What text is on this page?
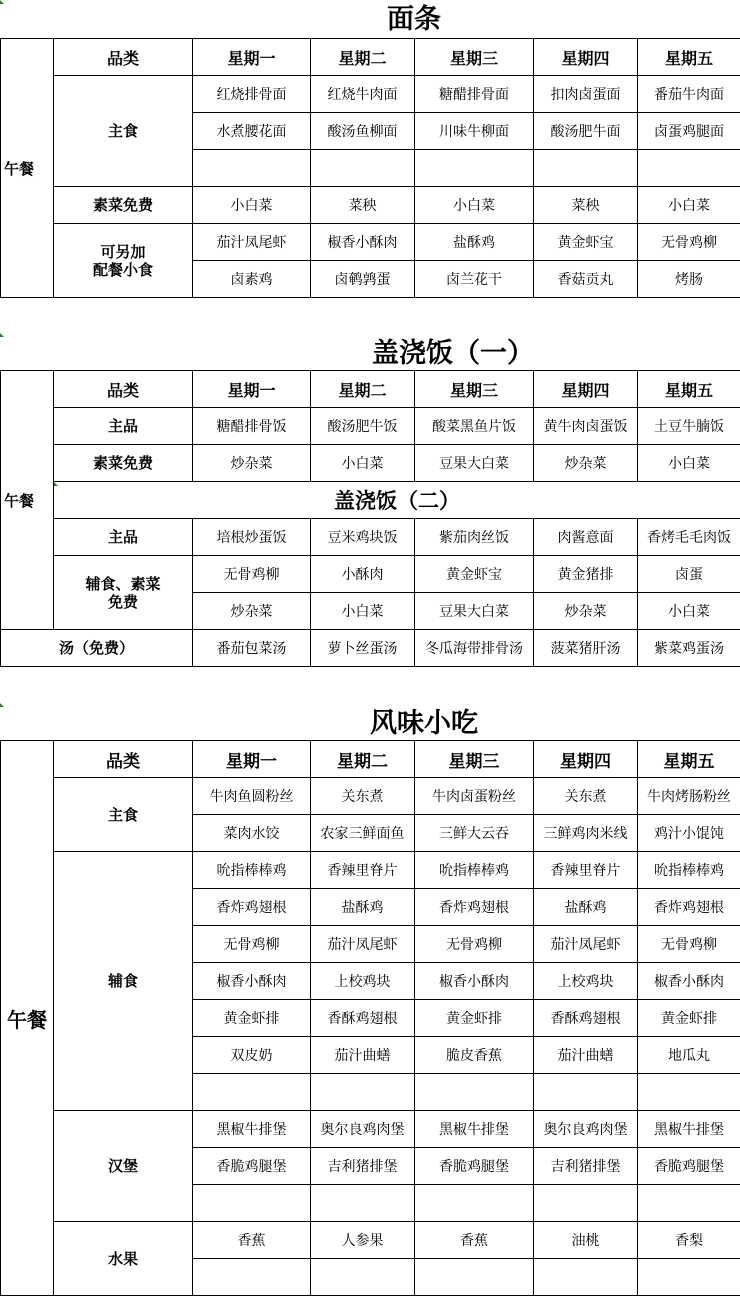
面条
午餐	品类	星期一	星期二	星期三	星期四	星期五
	主食	红烧排骨面	红烧牛肉面	糖醋排骨面	扣肉卤蛋面	番茄牛肉面
		水煮腰花面	酸汤鱼柳面	川味牛柳面	酸汤肥牛面	卤蛋鸡腿面

	素菜免费	小白菜	菜秧	小白菜	菜秧	小白菜

	可另加
配餐小食	茄汁凤尾虾	椒香小酥肉	盐酥鸡	黄金虾宝	无骨鸡柳
		卤素鸡	卤鹌鹑蛋	卤兰花干	香菇贡丸	烤肠
盖浇饭（一）
午餐	品类	星期一	星期二	星期三	星期四	星期五
	主品	糖醋排骨饭	酸汤肥牛饭	酸菜黑鱼片饭	黄牛肉卤蛋饭	土豆牛腩饭
	素菜免费	炒杂菜	小白菜	豆果大白菜	炒杂菜	小白菜

盖浇饭（二）					
	主品	培根炒蛋饭	豆米鸡块饭	紫茄肉丝饭	肉酱意面	香烤毛毛肉饭

	辅食、素菜
免费	无骨鸡柳	小酥肉	黄金虾宝	黄金猪排	卤蛋
		炒杂菜	小白菜	豆果大白菜	炒杂菜	小白菜
汤（免费）		番茄包菜汤	萝卜丝蛋汤	冬瓜海带排骨汤	菠菜猪肝汤	紫菜鸡蛋汤
风味小吃
午餐	品类	星期一	星期二	星期三	星期四	星期五
	主食	牛肉鱼圆粉丝	关东煮	牛肉卤蛋粉丝	关东煮	牛肉烤肠粉丝
		菜肉水饺	农家三鲜面鱼	三鲜大云吞	三鲜鸡肉米线	鸡汁小馄饨
	辅食	吮指棒棒鸡	香辣里脊片	吮指棒棒鸡	香辣里脊片	吮指棒棒鸡
		香炸鸡翅根	盐酥鸡	香炸鸡翅根	盐酥鸡	香炸鸡翅根
		无骨鸡柳	茄汁凤尾虾	无骨鸡柳	茄汁凤尾虾	无骨鸡柳
		椒香小酥肉	上校鸡块	椒香小酥肉	上校鸡块	椒香小酥肉
		黄金虾排	香酥鸡翅根	黄金虾排	香酥鸡翅根	黄金虾排
		双皮奶	茄汁曲蟮	脆皮香蕉	茄汁曲蟮	地瓜丸

	汉堡	黑椒牛排堡	奥尔良鸡肉堡	黑椒牛排堡	奥尔良鸡肉堡	黑椒牛排堡
		香脆鸡腿堡	吉利猪排堡	香脆鸡腿堡	吉利猪排堡	香脆鸡腿堡

	水果	香蕉	人参果	香蕉	油桃	香梨
